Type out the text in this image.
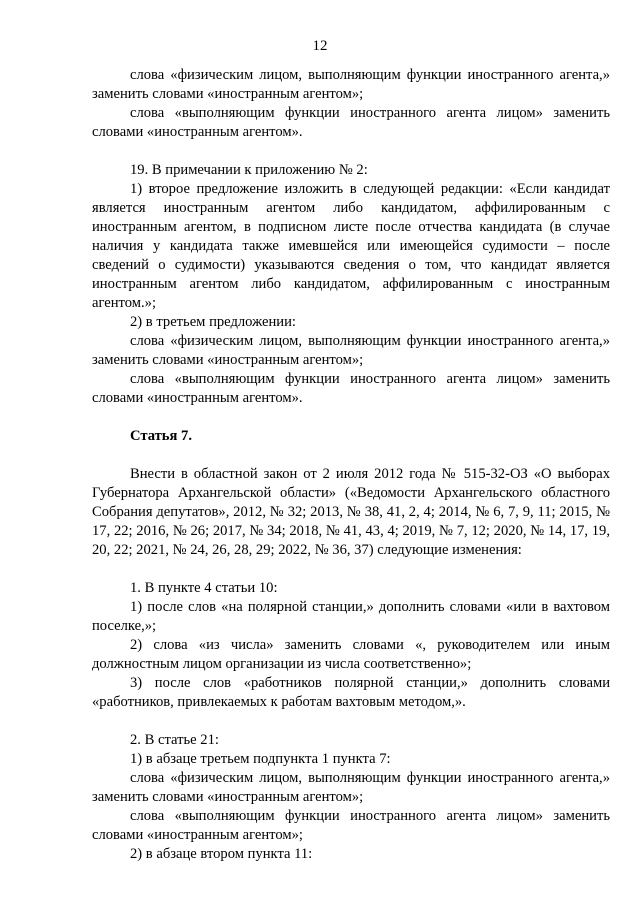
12

слова «физическим лицом, выполняющим функции иностранного агента,» заменить словами «иностранным агентом»;

слова «выполняющим функции иностранного агента лицом» заменить словами «иностранным агентом».

19. В примечании к приложению № 2:

1) второе предложение изложить в следующей редакции: «Если кандидат является иностранным агентом либо кандидатом, аффилированным с иностранным агентом, в подписном листе после отчества кандидата (в случае наличия у кандидата также имевшейся или имеющейся судимости – после сведений о судимости) указываются сведения о том, что кандидат является иностранным агентом либо кандидатом, аффилированным с иностранным агентом.»;

2) в третьем предложении:

слова «физическим лицом, выполняющим функции иностранного агента,» заменить словами «иностранным агентом»;

слова «выполняющим функции иностранного агента лицом» заменить словами «иностранным агентом».

Статья 7.

Внести в областной закон от 2 июля 2012 года № 515-32-ОЗ «О выборах Губернатора Архангельской области» («Ведомости Архангельского областного Собрания депутатов», 2012, № 32; 2013, № 38, 41, 2, 4; 2014, № 6, 7, 9, 11; 2015, № 17, 22; 2016, № 26; 2017, № 34; 2018, № 41, 43, 4; 2019, № 7, 12; 2020, № 14, 17, 19, 20, 22; 2021, № 24, 26, 28, 29; 2022, № 36, 37) следующие изменения:

1. В пункте 4 статьи 10:

1) после слов «на полярной станции,» дополнить словами «или в вахтовом поселке,»;

2) слова «из числа» заменить словами «, руководителем или иным должностным лицом организации из числа соответственно»;

3) после слов «работников полярной станции,» дополнить словами «работников, привлекаемых к работам вахтовым методом,».

2. В статье 21:

1) в абзаце третьем подпункта 1 пункта 7:

слова «физическим лицом, выполняющим функции иностранного агента,» заменить словами «иностранным агентом»;

слова «выполняющим функции иностранного агента лицом» заменить словами «иностранным агентом»;

2) в абзаце втором пункта 11:
